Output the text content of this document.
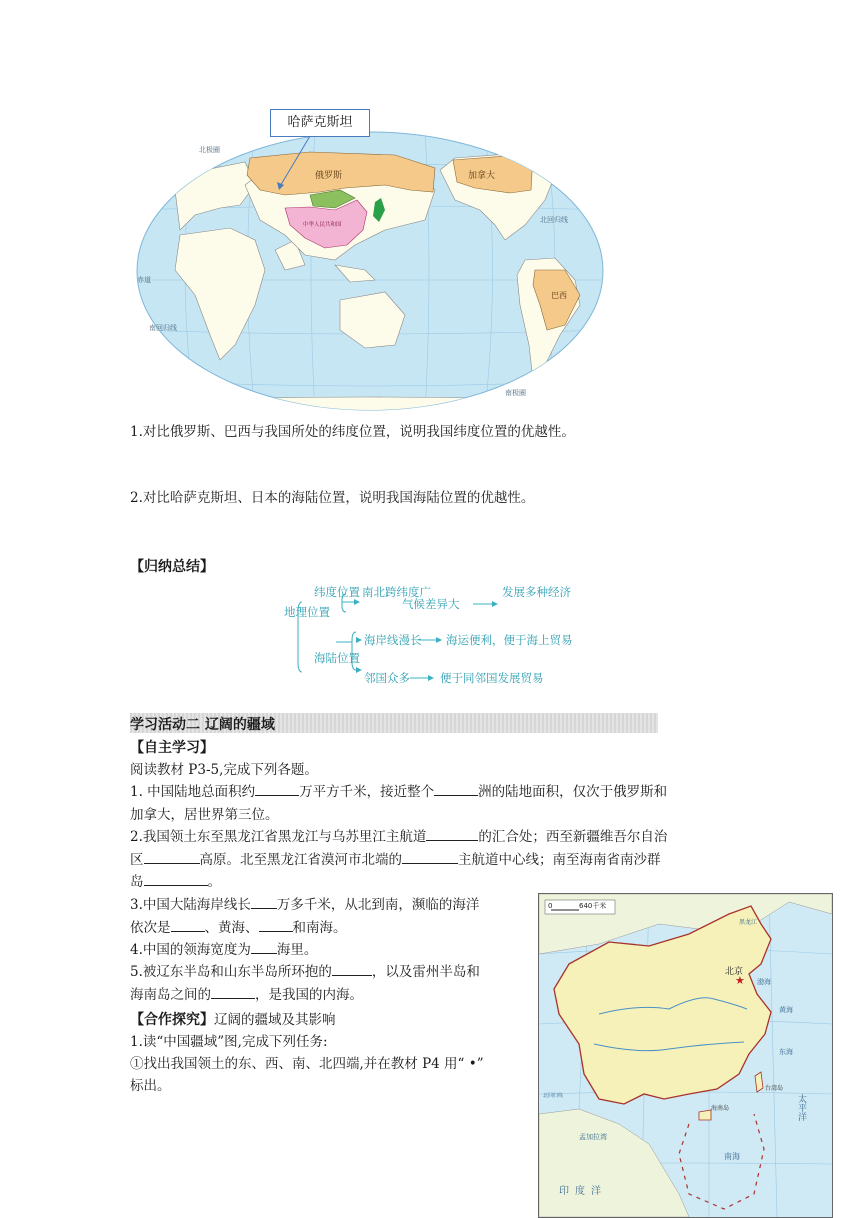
俄罗斯	加拿大
巴西
中华人民共和国
北极圈
北回归线
赤道
南回归线
南极圈
哈萨克斯坦
1.对比俄罗斯、巴西与我国所处的纬度位置，说明我国纬度位置的优越性。
2.对比哈萨克斯坦、日本的海陆位置，说明我国海陆位置的优越性。
【归纳总结】
地理位置
纬度位置 南北跨纬度广
气候差异大
发展多种经济
海陆位置
海岸线漫长 海运便利，便于海上贸易
邻国众多	便于同邻国发展贸易
学习活动二 辽阔的疆域
【自主学习】
阅读教材 P3-5,完成下列各题。
1. 中国陆地总面积约	万平方千米，接近整个	洲的陆地面积，仅次于俄罗斯和
加拿大，居世界第三位。
2.我国领土东至黑龙江省黑龙江与乌苏里江主航道	的汇合处；西至新疆维吾尔自治
区	高原。北至黑龙江省漠河市北端的	主航道中心线；南至海南省南沙群
岛	。
3.中国大陆海岸线长 万多千米，从北到南，濒临的海洋
依次是	、黄海、	和南海。
4.中国的领海宽度为 海里。
5.被辽东半岛和山东半岛所环抱的	，以及雷州半岛和
海南岛之间的	，是我国的内海。
【合作探究】辽阔的疆域及其影响
1.读“中国疆域”图,完成下列任务:
①找出我国领土的东、西、南、北四端,并在教材 P4 用“ •”
标出。
0	640千米
★
北京
黑龙江
渤海
黄海
东海
台湾岛
海南岛
南海
太平洋
印度洋
孟加拉湾
北回归线
